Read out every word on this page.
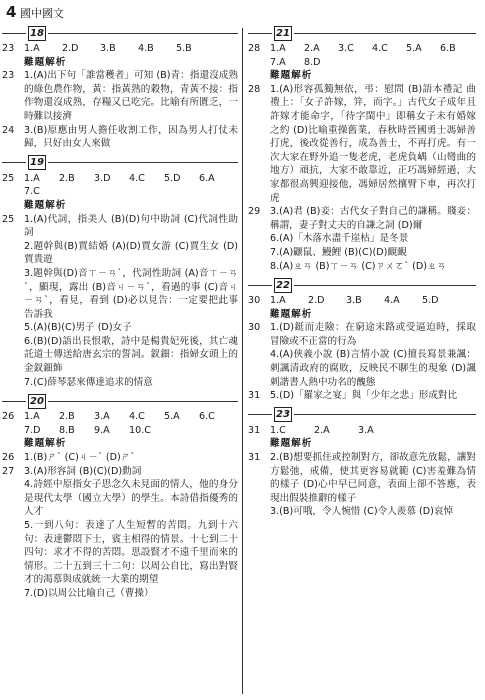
4 國中國文
18
23	1.A	2.D	3.B	4.B	5.B
難題解析
23	1.(A)出下句「誰當穫者」可知 (B)青：指還沒成熟的綠色農作物，黃：指黃熟的穀物，青黃不接：指作物還沒成熟，存糧又已吃完。比喻有所匱乏，一時難以接濟
24	3.(B)原應由男人擔任收割工作，因為男人打仗未歸，只好由女人來做
19
25	1.A	2.B	3.D	4.C	5.D	6.A
7.C
難題解析
25	1.(A)代詞，指美人 (B)(D)句中助詞 (C)代詞性助詞
2.題幹與(B)賈結婚 (A)(D)賈女游 (C)賈生女 (D)賈貴遊
3.題幹與(D)音ㄒㄧㄢˋ，代詞性助詞 (A)音ㄒㄧㄢˋ，顯現，露出 (B)音ㄐㄧㄢˋ，看過的事 (C)音ㄐㄧㄢˋ，看見，看到 (D)必以見告：一定要把此事告訴我
5.(A)(B)(C)男子 (D)女子
6.(B)(D)語出長恨歌，詩中是楊貴妃死後，其亡魂託道士傳送給唐玄宗的誓詞。釵鈿：指婦女頭上的金釵鈿飾
7.(C)薛琴瑟來傳達追求的情意
20
26	1.A	2.B	3.A	4.C	5.A	6.C
7.D	8.B	9.A	10.C
難題解析
26	1.(B)ㄕˋ (C)ㄐㄧˋ (D)ㄕˋ
27	3.(A)形容詞 (B)(C)(D)動詞
4.詩經中原指女子思念久未見面的情人，他的身分是現代太學（國立大學）的學生。本詩借指優秀的人才
5.一到八句：表達了人生短暫的苦悶。九到十六句：表達鬱悶下士，賓主相得的情景。十七到二十四句：求才不得的苦悶。思設賢才不遠千里而來的情形。二十五到三十二句：以周公自比，寫出對賢才的渴慕與成就統一大業的期望
7.(D)以周公比喻自己（曹操）
21
28	1.A	2.A	3.C	4.C	5.A	6.B
7.A	8.D
難題解析
28	1.(A)形容孤獨無依，弔：慰問 (B)語本禮記 曲禮上：「女子許嫁，笄，而字。」古代女子成年且許嫁才能命字，「待字閨中」即稱女子未有婚嫁之約 (D)比喻重操舊業，春秋時晉國勇士馮婦善打虎，後改從善行，成為善士，不再打虎。有一次大家在野外追一隻老虎，老虎負嵎（山彎曲的地方）頑抗，大家不敢靠近，正巧馮婦經過，大家都很高興迎接他，馮婦居然攘臂下車，再次打虎
29	3.(A)君 (B)妾：古代女子對自己的謙稱。賤妾：稱謂，妻子對丈夫的自謙之詞 (D)爾
6.(A)「木落水盡千崖枯」是冬景
7.(A)鼴鼠、鰻鯉 (B)(C)(D)靦靦
8.(A)ㄓㄢ (B)ㄒㄧㄢ (C)ㄗㄨㄛˋ (D)ㄓㄢ
22
30	1.A	2.D	3.B	4.A	5.D
難題解析
30	1.(D)鋌而走險：在窮途末路或受逼迫時，採取冒險或不正當的行為
4.(A)俠義小說 (B)言情小說 (C)擅長寫景兼諷：刺諷清政府的腐敗，反映民不聊生的現象 (D)諷刺諧書人熱中功名的醜態
31	5.(D)「羅家之宴」與「少年之悲」形成對比
23
31	1.C	2.A	3.A
難題解析
31	2.(B)想要抓住或控制對方，卻故意先放鬆，讓對方鬆弛，戒備，使其更容易就範 (C)害羞難為情的樣子 (D)心中早已同意，表面上卻不答應，表現出假裝推辭的樣子
3.(B)可哦，令人惋惜 (C)令人羨慕 (D)哀悼
